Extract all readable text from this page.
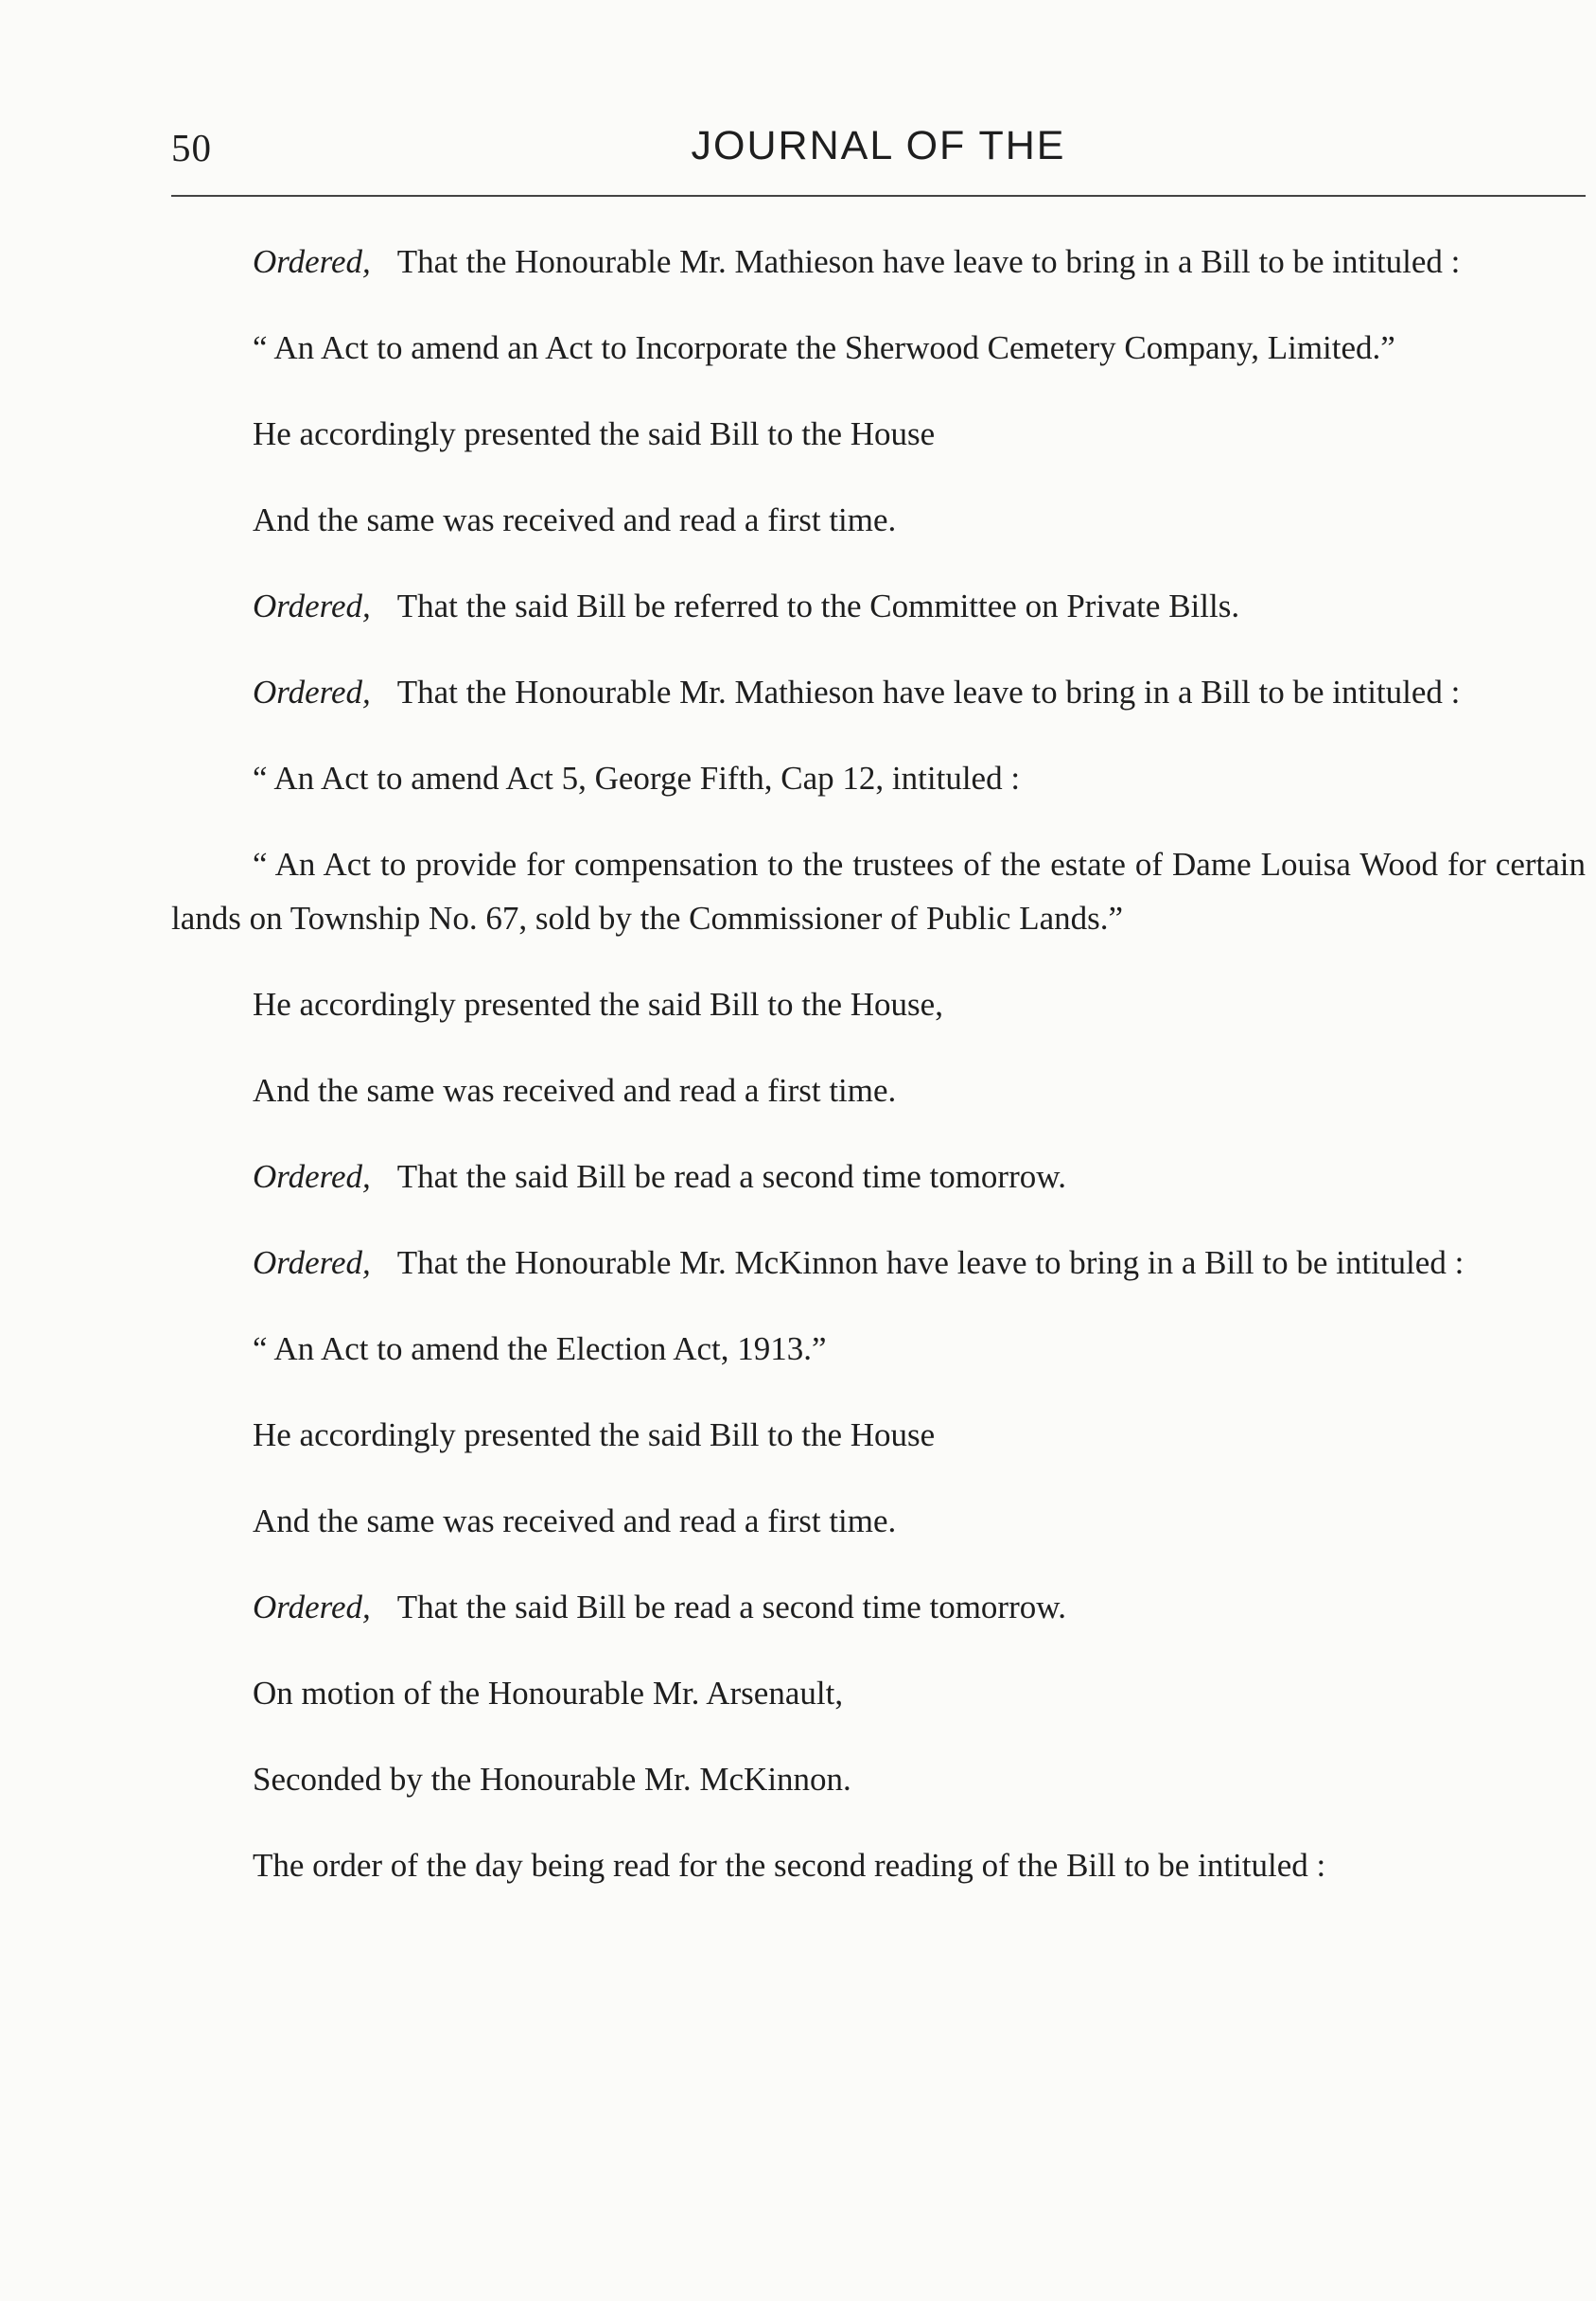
50	JOURNAL OF THE

Ordered, That the Honourable Mr. Mathieson have leave to bring in a Bill to be intituled :

“ An Act to amend an Act to Incorporate the Sherwood Cemetery Company, Limited.”

He accordingly presented the said Bill to the House

And the same was received and read a first time.

Ordered, That the said Bill be referred to the Committee on Private Bills.

Ordered, That the Honourable Mr. Mathieson have leave to bring in a Bill to be intituled :

“ An Act to amend Act 5, George Fifth, Cap 12, intituled :

“ An Act to provide for compensation to the trustees of the estate of Dame Louisa Wood for certain lands on Township No. 67, sold by the Commissioner of Public Lands.”

He accordingly presented the said Bill to the House,

And the same was received and read a first time.

Ordered, That the said Bill be read a second time tomorrow.

Ordered, That the Honourable Mr. McKinnon have leave to bring in a Bill to be intituled :

“ An Act to amend the Election Act, 1913.”

He accordingly presented the said Bill to the House

And the same was received and read a first time.

Ordered, That the said Bill be read a second time tomorrow.

On motion of the Honourable Mr. Arsenault,

Seconded by the Honourable Mr. McKinnon.

The order of the day being read for the second reading of the Bill to be intituled :
